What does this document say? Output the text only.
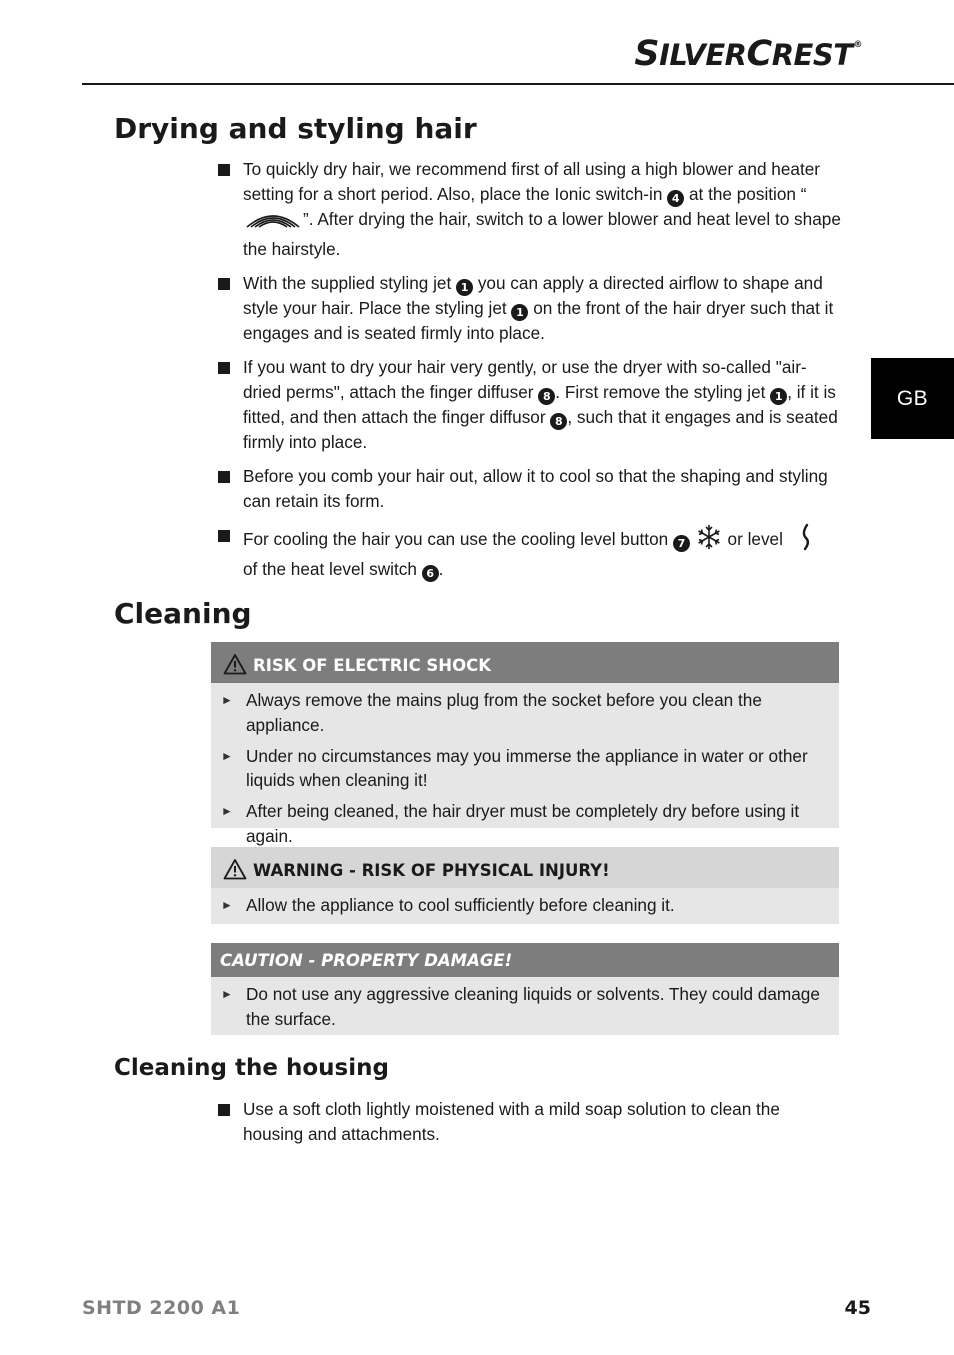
SILVERCREST®
GB
Drying and styling hair
To quickly dry hair, we recommend first of all using a high blower and heater setting for a short period. Also, place the Ionic switch-in 4 at the position “”. After drying the hair, switch to a lower blower and heat level to shape the hairstyle.
With the supplied styling jet 1 you can apply a directed airflow to shape and style your hair. Place the styling jet 1 on the front of the hair dryer such that it engages and is seated firmly into place.
If you want to dry your hair very gently, or use the dryer with so-called "air-dried perms", attach the finger diffuser 8 . First remove the styling jet 1 , if it is fitted, and then attach the finger diffusor 8 , such that it engages and is seated firmly into place.
Before you comb your hair out, allow it to cool so that the shaping and styling can retain its form.
For cooling the hair you can use the cooling level button 7  or level
of the heat level switch 6 .
Cleaning
RISK OF ELECTRIC SHOCK
► Always remove the mains plug from the socket before you clean the appliance.
► Under no circumstances may you immerse the appliance in water or other liquids when cleaning it!
► After being cleaned, the hair dryer must be completely dry before using it again.
WARNING - RISK OF PHYSICAL INJURY!
► Allow the appliance to cool sufficiently before cleaning it.
CAUTION - PROPERTY DAMAGE!
► Do not use any aggressive cleaning liquids or solvents. They could damage the surface.
Cleaning the housing
Use a soft cloth lightly moistened with a mild soap solution to clean the housing and attachments.
SHTD 2200 A1	45
